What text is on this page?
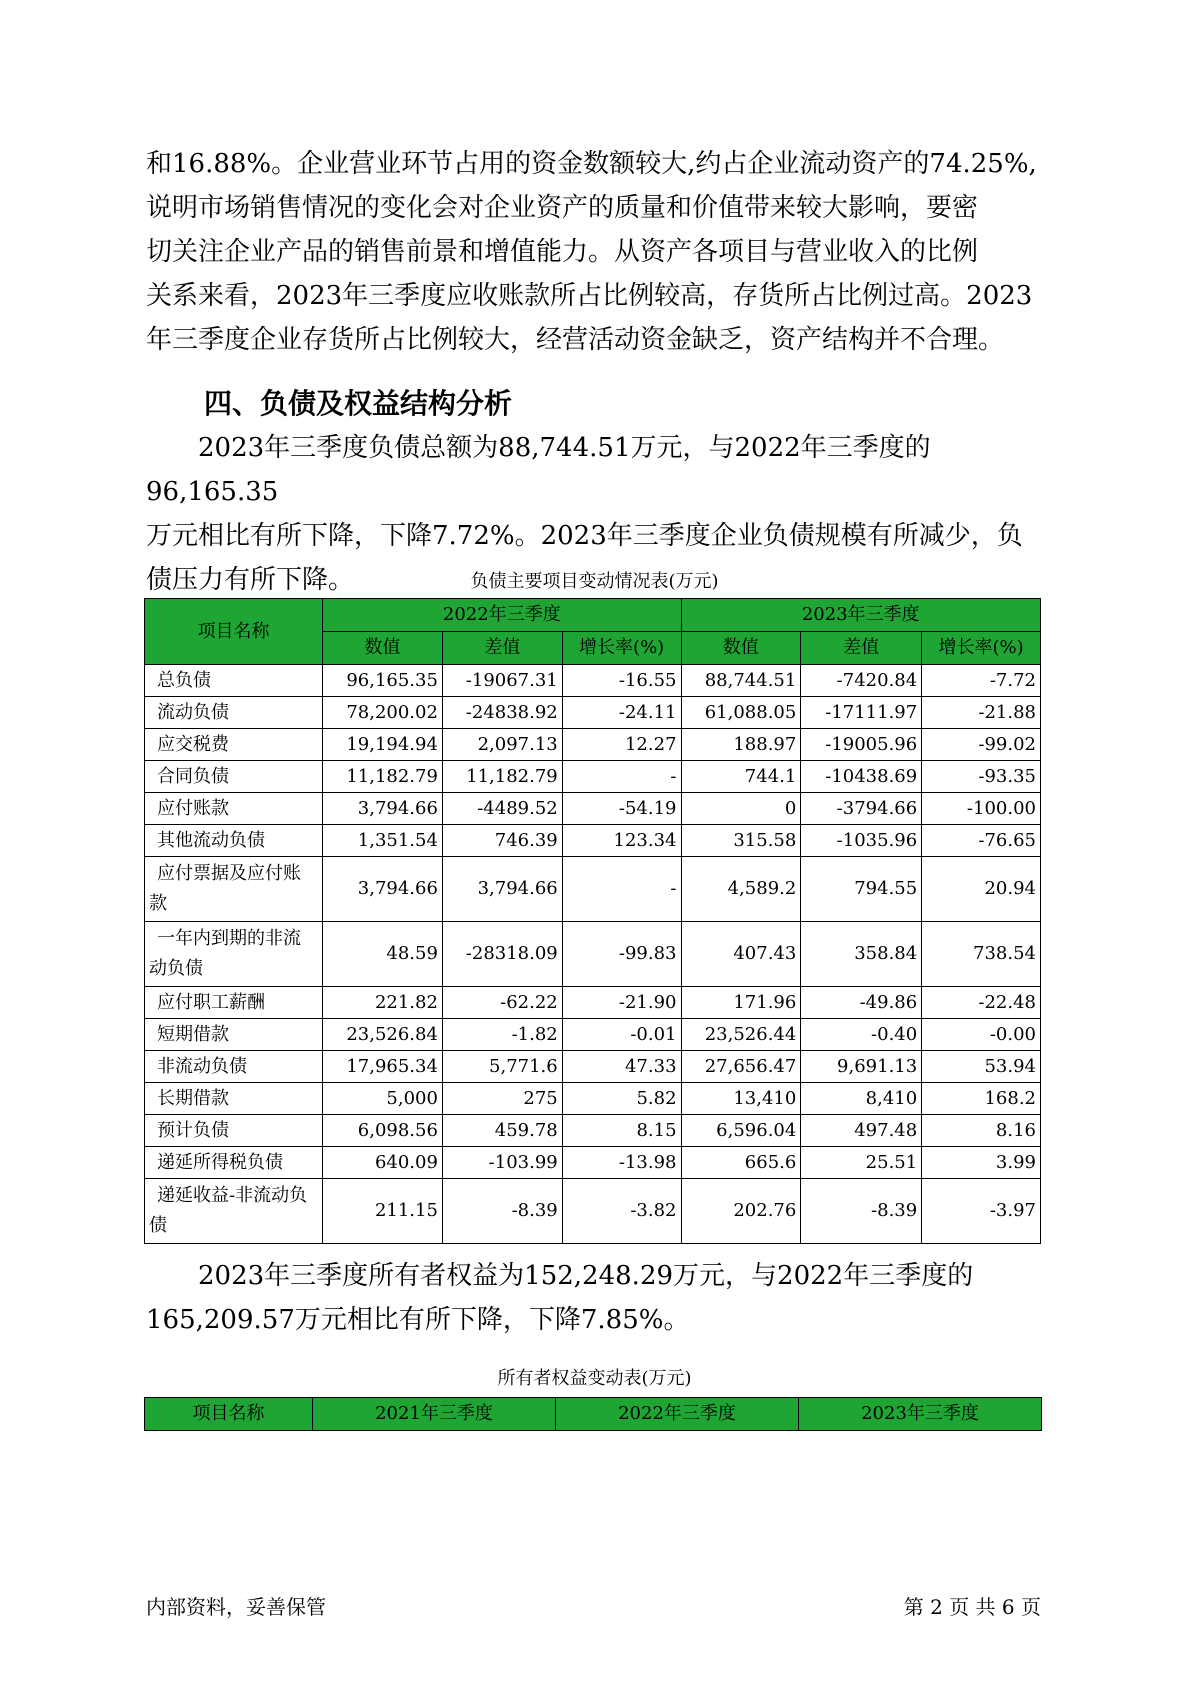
和16.88%。企业营业环节占用的资金数额较大,约占企业流动资产的74.25%,
说明市场销售情况的变化会对企业资产的质量和价值带来较大影响，要密
切关注企业产品的销售前景和增值能力。从资产各项目与营业收入的比例
关系来看，2023年三季度应收账款所占比例较高，存货所占比例过高。2023
年三季度企业存货所占比例较大，经营活动资金缺乏，资产结构并不合理。
四、负债及权益结构分析
2023年三季度负债总额为88,744.51万元，与2022年三季度的96,165.35
万元相比有所下降，下降7.72%。2023年三季度企业负债规模有所减少，负
债压力有所下降。	负债主要项目变动情况表(万元)
项目名称	2022年三季度			2023年三季度		
	数值	差值	增长率(%)	数值	差值	增长率(%)
总负债	96,165.35	-19067.31	-16.55	88,744.51	-7420.84	-7.72
流动负债	78,200.02	-24838.92	-24.11	61,088.05	-17111.97	-21.88
应交税费	19,194.94	2,097.13	12.27	188.97	-19005.96	-99.02
合同负债	11,182.79	11,182.79	-	744.1	-10438.69	-93.35
应付账款	3,794.66	-4489.52	-54.19	0	-3794.66	-100.00
其他流动负债	1,351.54	746.39	123.34	315.58	-1035.96	-76.65
应付票据及应付账款	3,794.66	3,794.66	-	4,589.2	794.55	20.94
一年内到期的非流动负债	48.59	-28318.09	-99.83	407.43	358.84	738.54
应付职工薪酬	221.82	-62.22	-21.90	171.96	-49.86	-22.48
短期借款	23,526.84	-1.82	-0.01	23,526.44	-0.40	-0.00
非流动负债	17,965.34	5,771.6	47.33	27,656.47	9,691.13	53.94
长期借款	5,000	275	5.82	13,410	8,410	168.2
预计负债	6,098.56	459.78	8.15	6,596.04	497.48	8.16
递延所得税负债	640.09	-103.99	-13.98	665.6	25.51	3.99
递延收益-非流动负债	211.15	-8.39	-3.82	202.76	-8.39	-3.97
2023年三季度所有者权益为152,248.29万元，与2022年三季度的
165,209.57万元相比有所下降，下降7.85%。
所有者权益变动表(万元)
项目名称	2021年三季度	2022年三季度	2023年三季度
内部资料，妥善保管	第 2 页 共 6 页
